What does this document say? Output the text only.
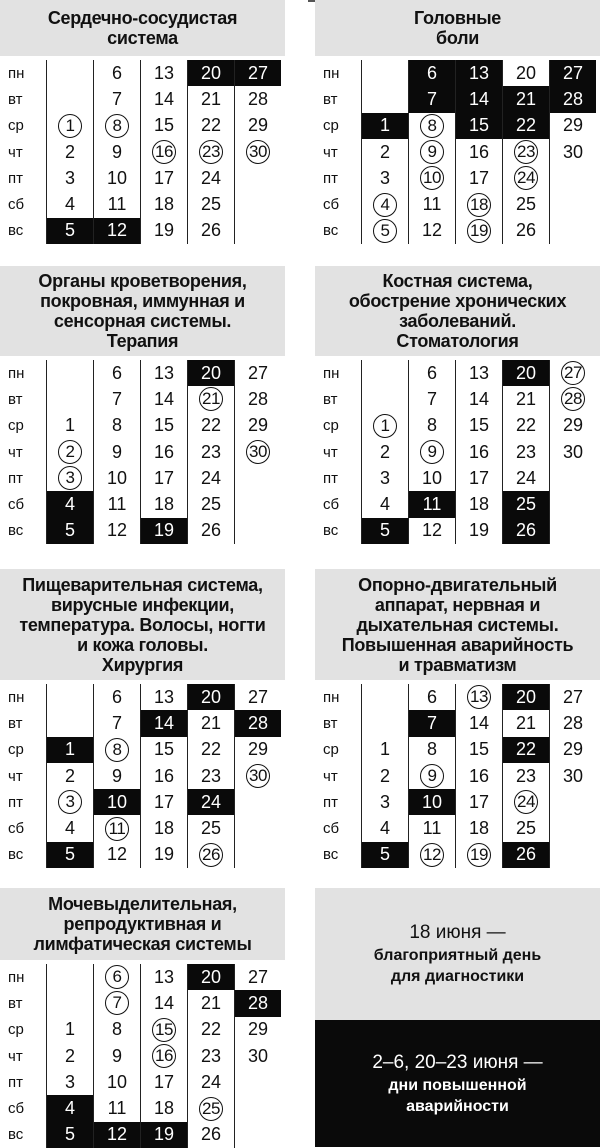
Сердечно-сосудистая
система
пн		6	13	20	27
вт		7	14	21	28
ср	1	8	15	22	29
чт	2	9	16	23	30
пт	3	10	17	24	
сб	4	11	18	25	
вс	5	12	19	26	
Головные
боли
пн		6	13	20	27
вт		7	14	21	28
ср	1	8	15	22	29
чт	2	9	16	23	30
пт	3	10	17	24	
сб	4	11	18	25	
вс	5	12	19	26	
Органы кроветворения,
покровная, иммунная и
сенсорная системы.
Терапия
пн		6	13	20	27
вт		7	14	21	28
ср	1	8	15	22	29
чт	2	9	16	23	30
пт	3	10	17	24	
сб	4	11	18	25	
вс	5	12	19	26	
Костная система,
обострение хронических
заболеваний.
Стоматология
пн		6	13	20	27
вт		7	14	21	28
ср	1	8	15	22	29
чт	2	9	16	23	30
пт	3	10	17	24	
сб	4	11	18	25	
вс	5	12	19	26	
Пищеварительная система,
вирусные инфекции,
температура. Волосы, ногти
и кожа головы.
Хирургия
пн		6	13	20	27
вт		7	14	21	28
ср	1	8	15	22	29
чт	2	9	16	23	30
пт	3	10	17	24	
сб	4	11	18	25	
вс	5	12	19	26	
Опорно-двигательный
аппарат, нервная и
дыхательная системы.
Повышенная аварийность
и травматизм
пн		6	13	20	27
вт		7	14	21	28
ср	1	8	15	22	29
чт	2	9	16	23	30
пт	3	10	17	24	
сб	4	11	18	25	
вс	5	12	19	26	
Мочевыделительная,
репродуктивная и
лимфатическая системы
пн		6	13	20	27
вт		7	14	21	28
ср	1	8	15	22	29
чт	2	9	16	23	30
пт	3	10	17	24	
сб	4	11	18	25	
вс	5	12	19	26	
18 июня —
благоприятный день
для диагностики
2–6, 20–23 июня —
дни повышенной
аварийности
